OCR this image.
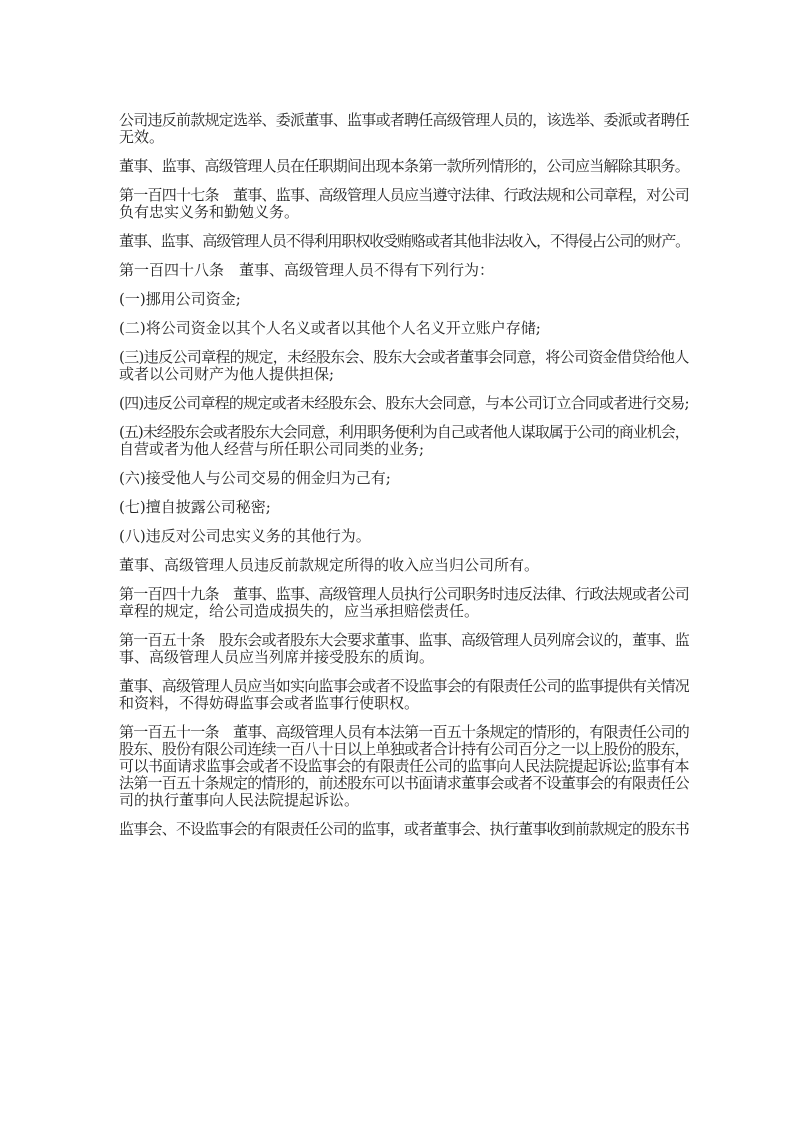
公司违反前款规定选举、委派董事、监事或者聘任高级管理人员的，该选举、委派或者聘任
无效。
董事、监事、高级管理人员在任职期间出现本条第一款所列情形的，公司应当解除其职务。
第一百四十七条　董事、监事、高级管理人员应当遵守法律、行政法规和公司章程，对公司
负有忠实义务和勤勉义务。
董事、监事、高级管理人员不得利用职权收受贿赂或者其他非法收入，不得侵占公司的财产。
第一百四十八条　董事、高级管理人员不得有下列行为：
(一)挪用公司资金;
(二)将公司资金以其个人名义或者以其他个人名义开立账户存储;
(三)违反公司章程的规定，未经股东会、股东大会或者董事会同意，将公司资金借贷给他人
或者以公司财产为他人提供担保;
(四)违反公司章程的规定或者未经股东会、股东大会同意，与本公司订立合同或者进行交易;
(五)未经股东会或者股东大会同意，利用职务便利为自己或者他人谋取属于公司的商业机会，
自营或者为他人经营与所任职公司同类的业务;
(六)接受他人与公司交易的佣金归为己有;
(七)擅自披露公司秘密;
(八)违反对公司忠实义务的其他行为。
董事、高级管理人员违反前款规定所得的收入应当归公司所有。
第一百四十九条　董事、监事、高级管理人员执行公司职务时违反法律、行政法规或者公司
章程的规定，给公司造成损失的，应当承担赔偿责任。
第一百五十条　股东会或者股东大会要求董事、监事、高级管理人员列席会议的，董事、监
事、高级管理人员应当列席并接受股东的质询。
董事、高级管理人员应当如实向监事会或者不设监事会的有限责任公司的监事提供有关情况
和资料，不得妨碍监事会或者监事行使职权。
第一百五十一条　董事、高级管理人员有本法第一百五十条规定的情形的，有限责任公司的
股东、股份有限公司连续一百八十日以上单独或者合计持有公司百分之一以上股份的股东，
可以书面请求监事会或者不设监事会的有限责任公司的监事向人民法院提起诉讼;监事有本
法第一百五十条规定的情形的，前述股东可以书面请求董事会或者不设董事会的有限责任公
司的执行董事向人民法院提起诉讼。
监事会、不设监事会的有限责任公司的监事，或者董事会、执行董事收到前款规定的股东书
